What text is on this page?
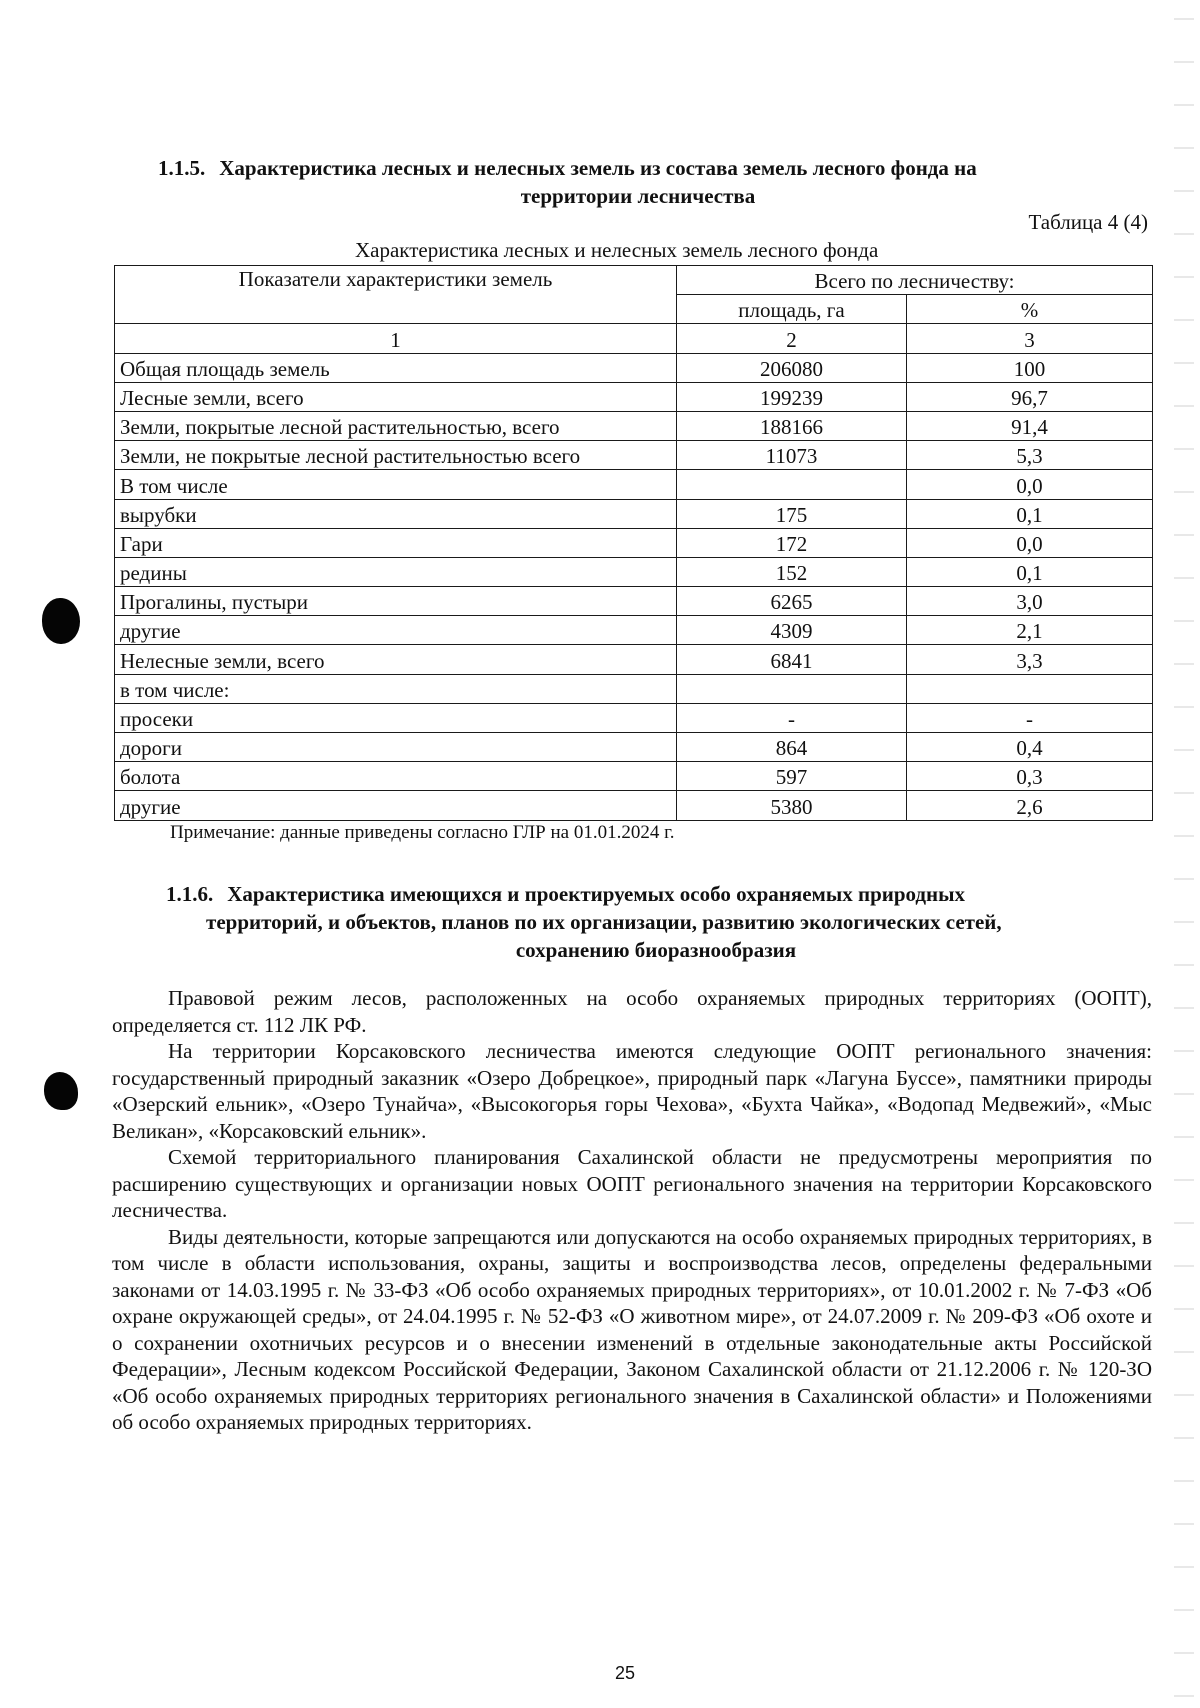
1.1.5. Характеристика лесных и нелесных земель из состава земель лесного фонда на
территории лесничества
Таблица 4 (4)
Характеристика лесных и нелесных земель лесного фонда
Показатели характеристики земель	Всего по лесничеству:	
	площадь, га	%
1	2	3
Общая площадь земель	206080	100
Лесные земли, всего	199239	96,7
Земли, покрытые лесной растительностью, всего	188166	91,4
Земли, не покрытые лесной растительностью всего	11073	5,3
В том числе		0,0
вырубки	175	0,1
Гари	172	0,0
редины	152	0,1
Прогалины, пустыри	6265	3,0
другие	4309	2,1
Нелесные земли, всего	6841	3,3
в том числе:		
просеки	-	-
дороги	864	0,4
болота	597	0,3
другие	5380	2,6
Примечание: данные приведены согласно ГЛР на 01.01.2024 г.
1.1.6. Характеристика имеющихся и проектируемых особо охраняемых природных
территорий, и объектов, планов по их организации, развитию экологических сетей,
сохранению биоразнообразия

Правовой режим лесов, расположенных на особо охраняемых природных территориях (ООПТ), определяется ст. 112 ЛК РФ.

На территории Корсаковского лесничества имеются следующие ООПТ регионального значения: государственный природный заказник «Озеро Добрецкое», природный парк «Лагуна Буссе», памятники природы «Озерский ельник», «Озеро Тунайча», «Высокогорья горы Чехова», «Бухта Чайка», «Водопад Медвежий», «Мыс Великан», «Корсаковский ельник».

Схемой территориального планирования Сахалинской области не предусмотрены мероприятия по расширению существующих и организации новых ООПТ регионального значения на территории Корсаковского лесничества.

Виды деятельности, которые запрещаются или допускаются на особо охраняемых природных территориях, в том числе в области использования, охраны, защиты и воспроизводства лесов, определены федеральными законами от 14.03.1995 г. № 33-ФЗ «Об особо охраняемых природных территориях», от 10.01.2002 г. № 7-ФЗ «Об охране окружающей среды», от 24.04.1995 г. № 52-ФЗ «О животном мире», от 24.07.2009 г. № 209-ФЗ «Об охоте и о сохранении охотничьих ресурсов и о внесении изменений в отдельные законодательные акты Российской Федерации», Лесным кодексом Российской Федерации, Законом Сахалинской области от 21.12.2006 г. № 120-ЗО «Об особо охраняемых природных территориях регионального значения в Сахалинской области» и Положениями об особо охраняемых природных территориях.

25
